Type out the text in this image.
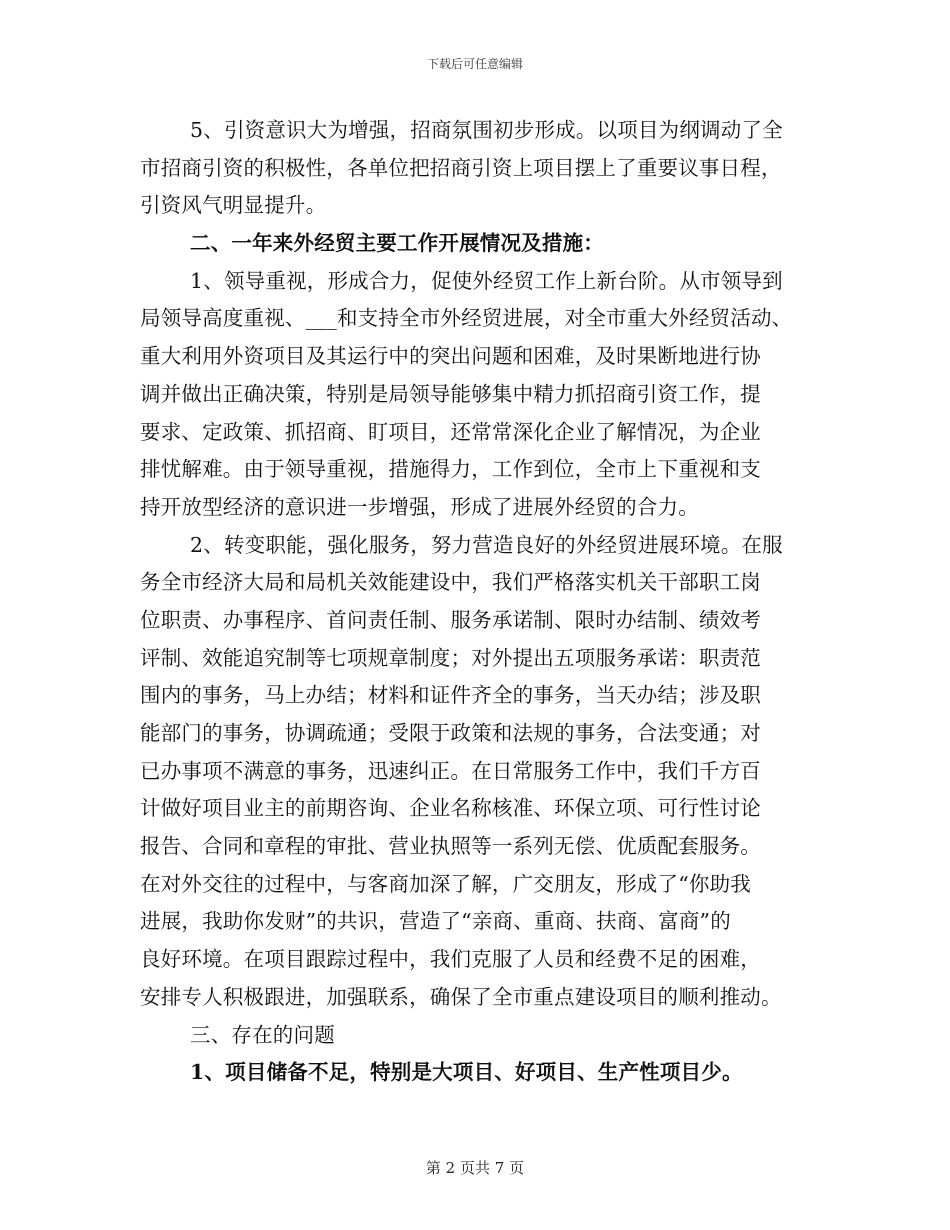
下载后可任意编辑
5、引资意识大为增强，招商氛围初步形成。以项目为纲调动了全
市招商引资的积极性，各单位把招商引资上项目摆上了重要议事日程，
引资风气明显提升。
二、一年来外经贸主要工作开展情况及措施：
1、领导重视，形成合力，促使外经贸工作上新台阶。从市领导到
局领导高度重视、___和支持全市外经贸进展，对全市重大外经贸活动、
重大利用外资项目及其运行中的突出问题和困难，及时果断地进行协
调并做出正确决策，特别是局领导能够集中精力抓招商引资工作，提
要求、定政策、抓招商、盯项目，还常常深化企业了解情况，为企业
排忧解难。由于领导重视，措施得力，工作到位，全市上下重视和支
持开放型经济的意识进一步增强，形成了进展外经贸的合力。
2、转变职能，强化服务，努力营造良好的外经贸进展环境。在服
务全市经济大局和局机关效能建设中，我们严格落实机关干部职工岗
位职责、办事程序、首问责任制、服务承诺制、限时办结制、绩效考
评制、效能追究制等七项规章制度；对外提出五项服务承诺：职责范
围内的事务，马上办结；材料和证件齐全的事务，当天办结；涉及职
能部门的事务，协调疏通；受限于政策和法规的事务，合法变通；对
已办事项不满意的事务，迅速纠正。在日常服务工作中，我们千方百
计做好项目业主的前期咨询、企业名称核准、环保立项、可行性讨论
报告、合同和章程的审批、营业执照等一系列无偿、优质配套服务。
在对外交往的过程中，与客商加深了解，广交朋友，形成了“你助我
进展，我助你发财”的共识，营造了“亲商、重商、扶商、富商”的
良好环境。在项目跟踪过程中，我们克服了人员和经费不足的困难，
安排专人积极跟进，加强联系，确保了全市重点建设项目的顺利推动。
三、存在的问题
1、项目储备不足，特别是大项目、好项目、生产性项目少。
第 2 页共 7 页
